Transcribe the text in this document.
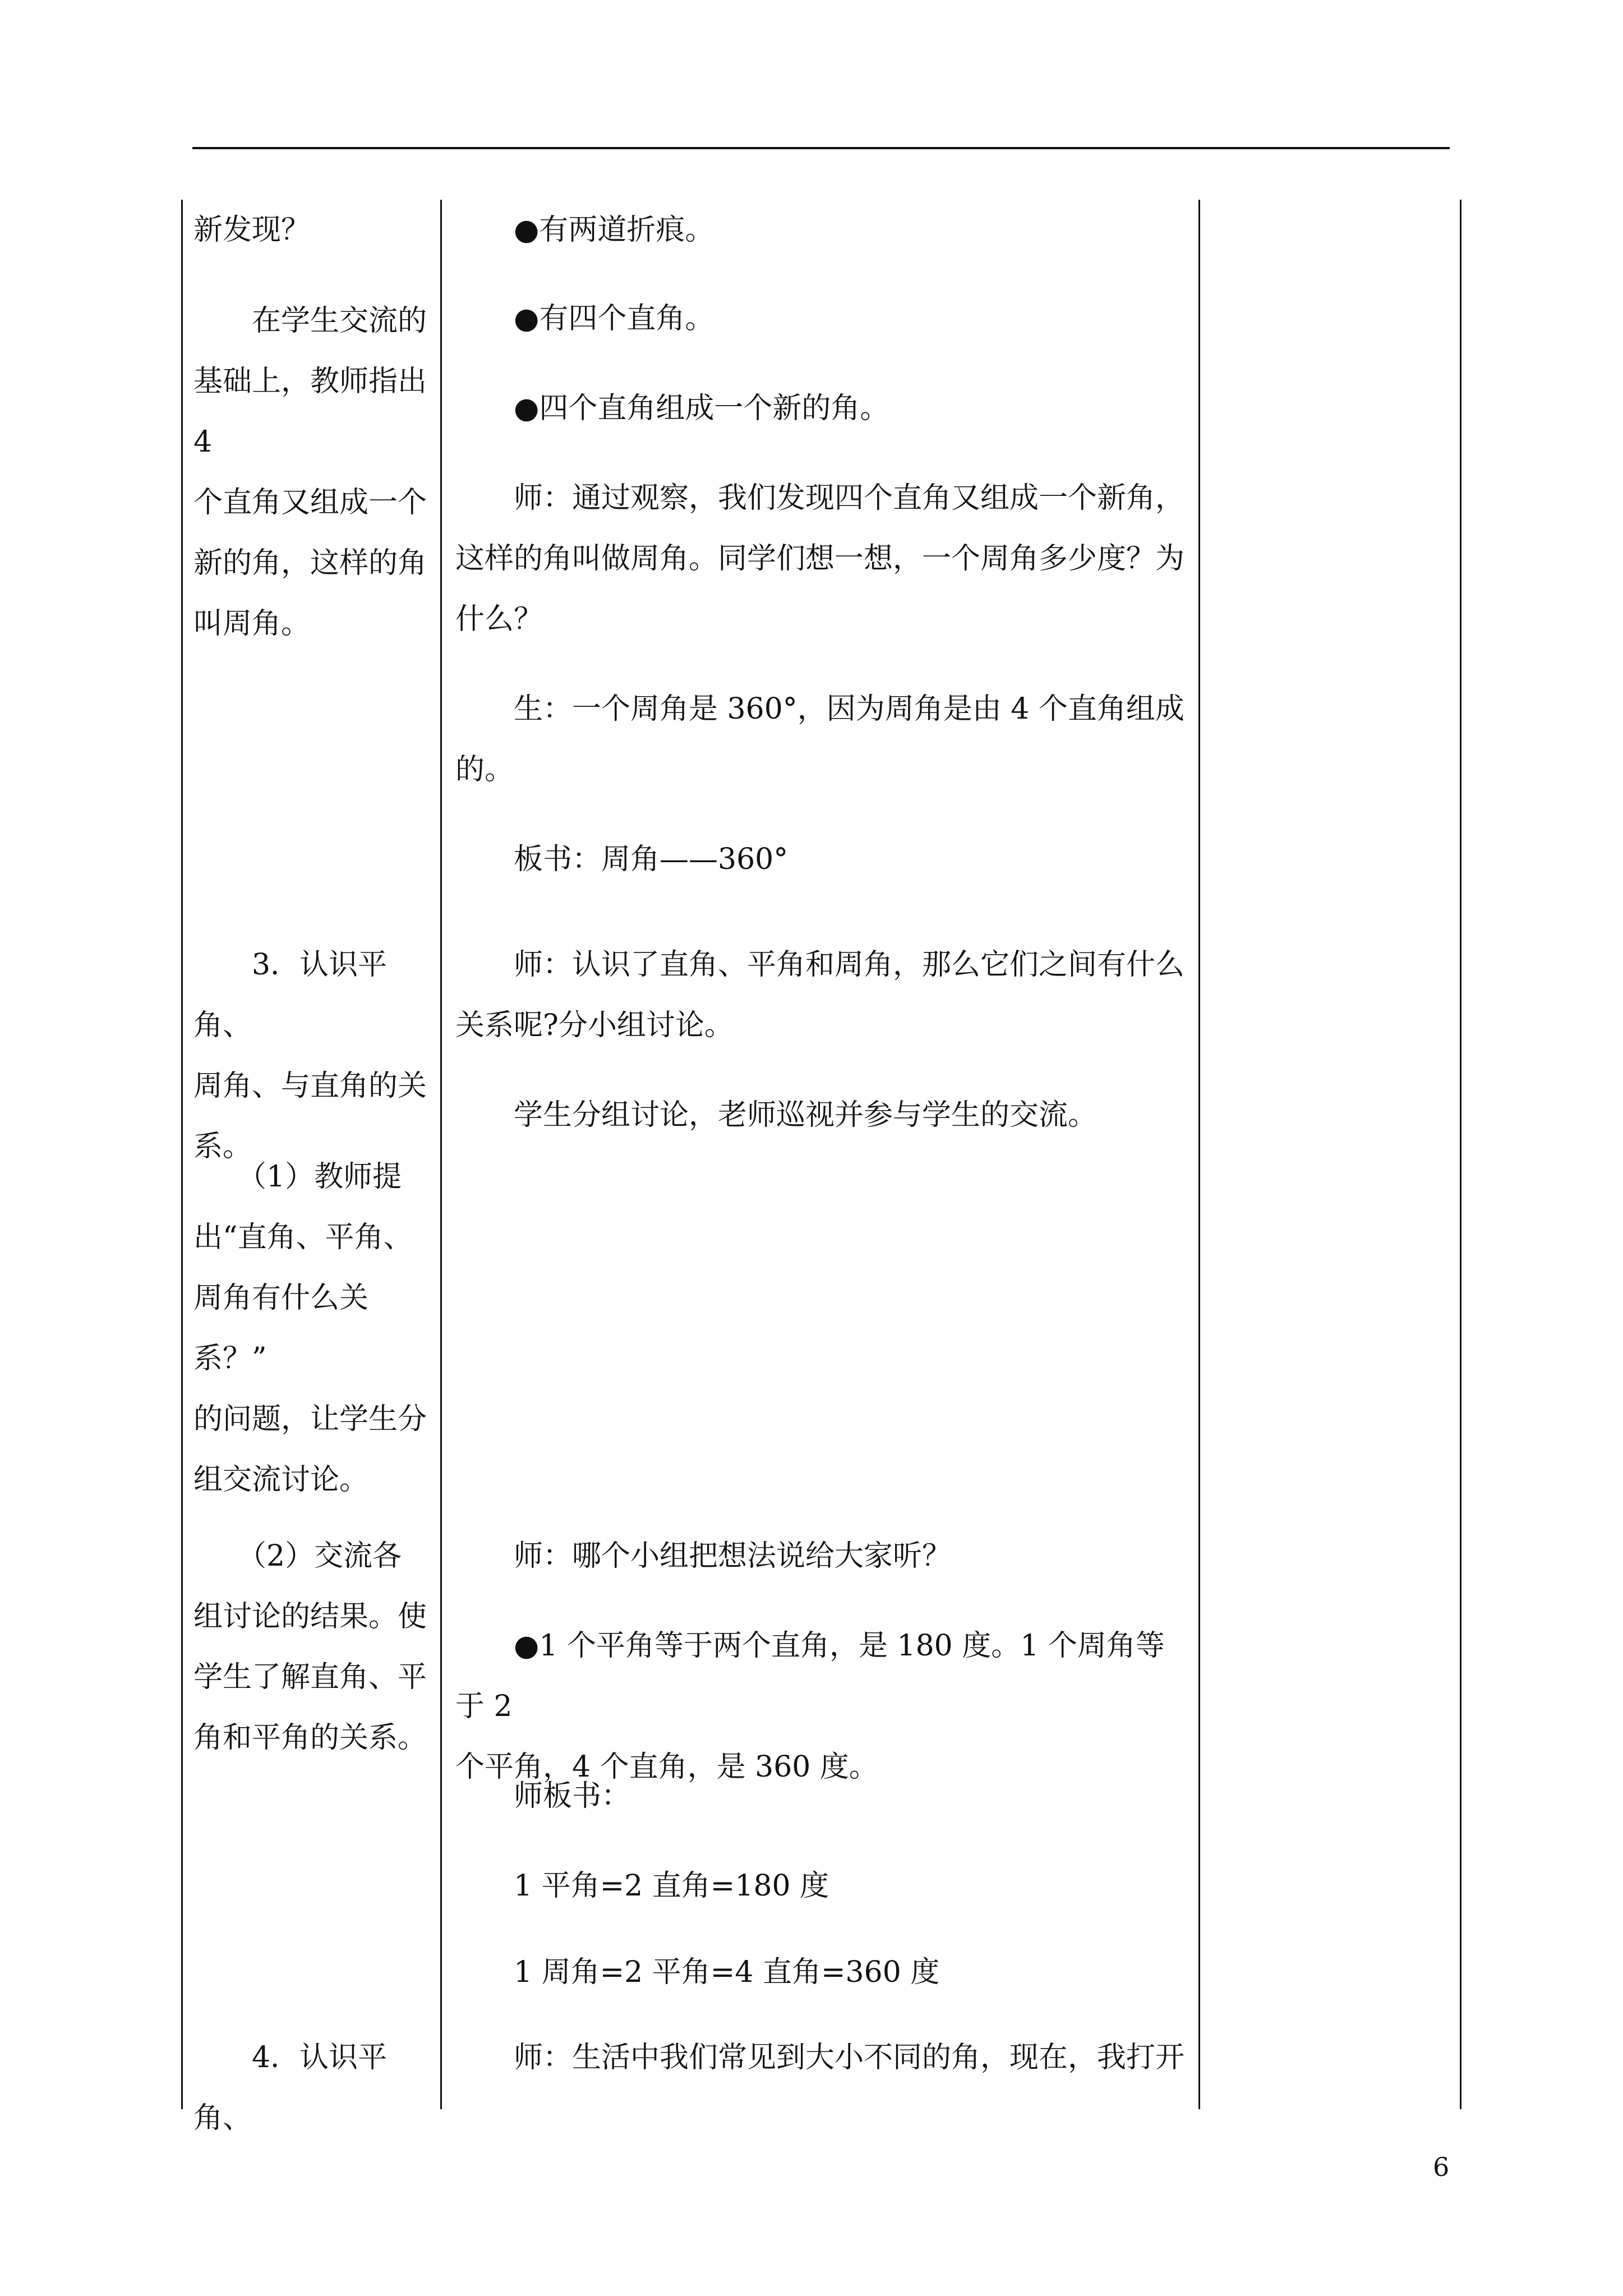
新发现？
　　在学生交流的
基础上，教师指出4
个直角又组成一个
新的角，这样的角
叫周角。
　　3．认识平角、
周角、与直角的关
系。
　　（1）教师提
出“直角、平角、
周角有什么关系？”
的问题，让学生分
组交流讨论。
　　（2）交流各
组讨论的结果。使
学生了解直角、平
角和平角的关系。
　　4．认识平角、
　　●有两道折痕。
　　●有四个直角。
　　●四个直角组成一个新的角。
　　师：通过观察，我们发现四个直角又组成一个新角，
这样的角叫做周角。同学们想一想，一个周角多少度？为
什么？
　　生：一个周角是 360°，因为周角是由 4 个直角组成
的。
　　板书：周角——360°
　　师：认识了直角、平角和周角，那么它们之间有什么
关系呢?分小组讨论。
　　学生分组讨论，老师巡视并参与学生的交流。
　　师：哪个小组把想法说给大家听？
　　●1 个平角等于两个直角，是 180 度。1 个周角等于 2
个平角，4 个直角，是 360 度。
　　师板书：
　　1 平角=2 直角=180 度
　　1 周角=2 平角=4 直角=360 度
　　师：生活中我们常见到大小不同的角，现在，我打开
6
